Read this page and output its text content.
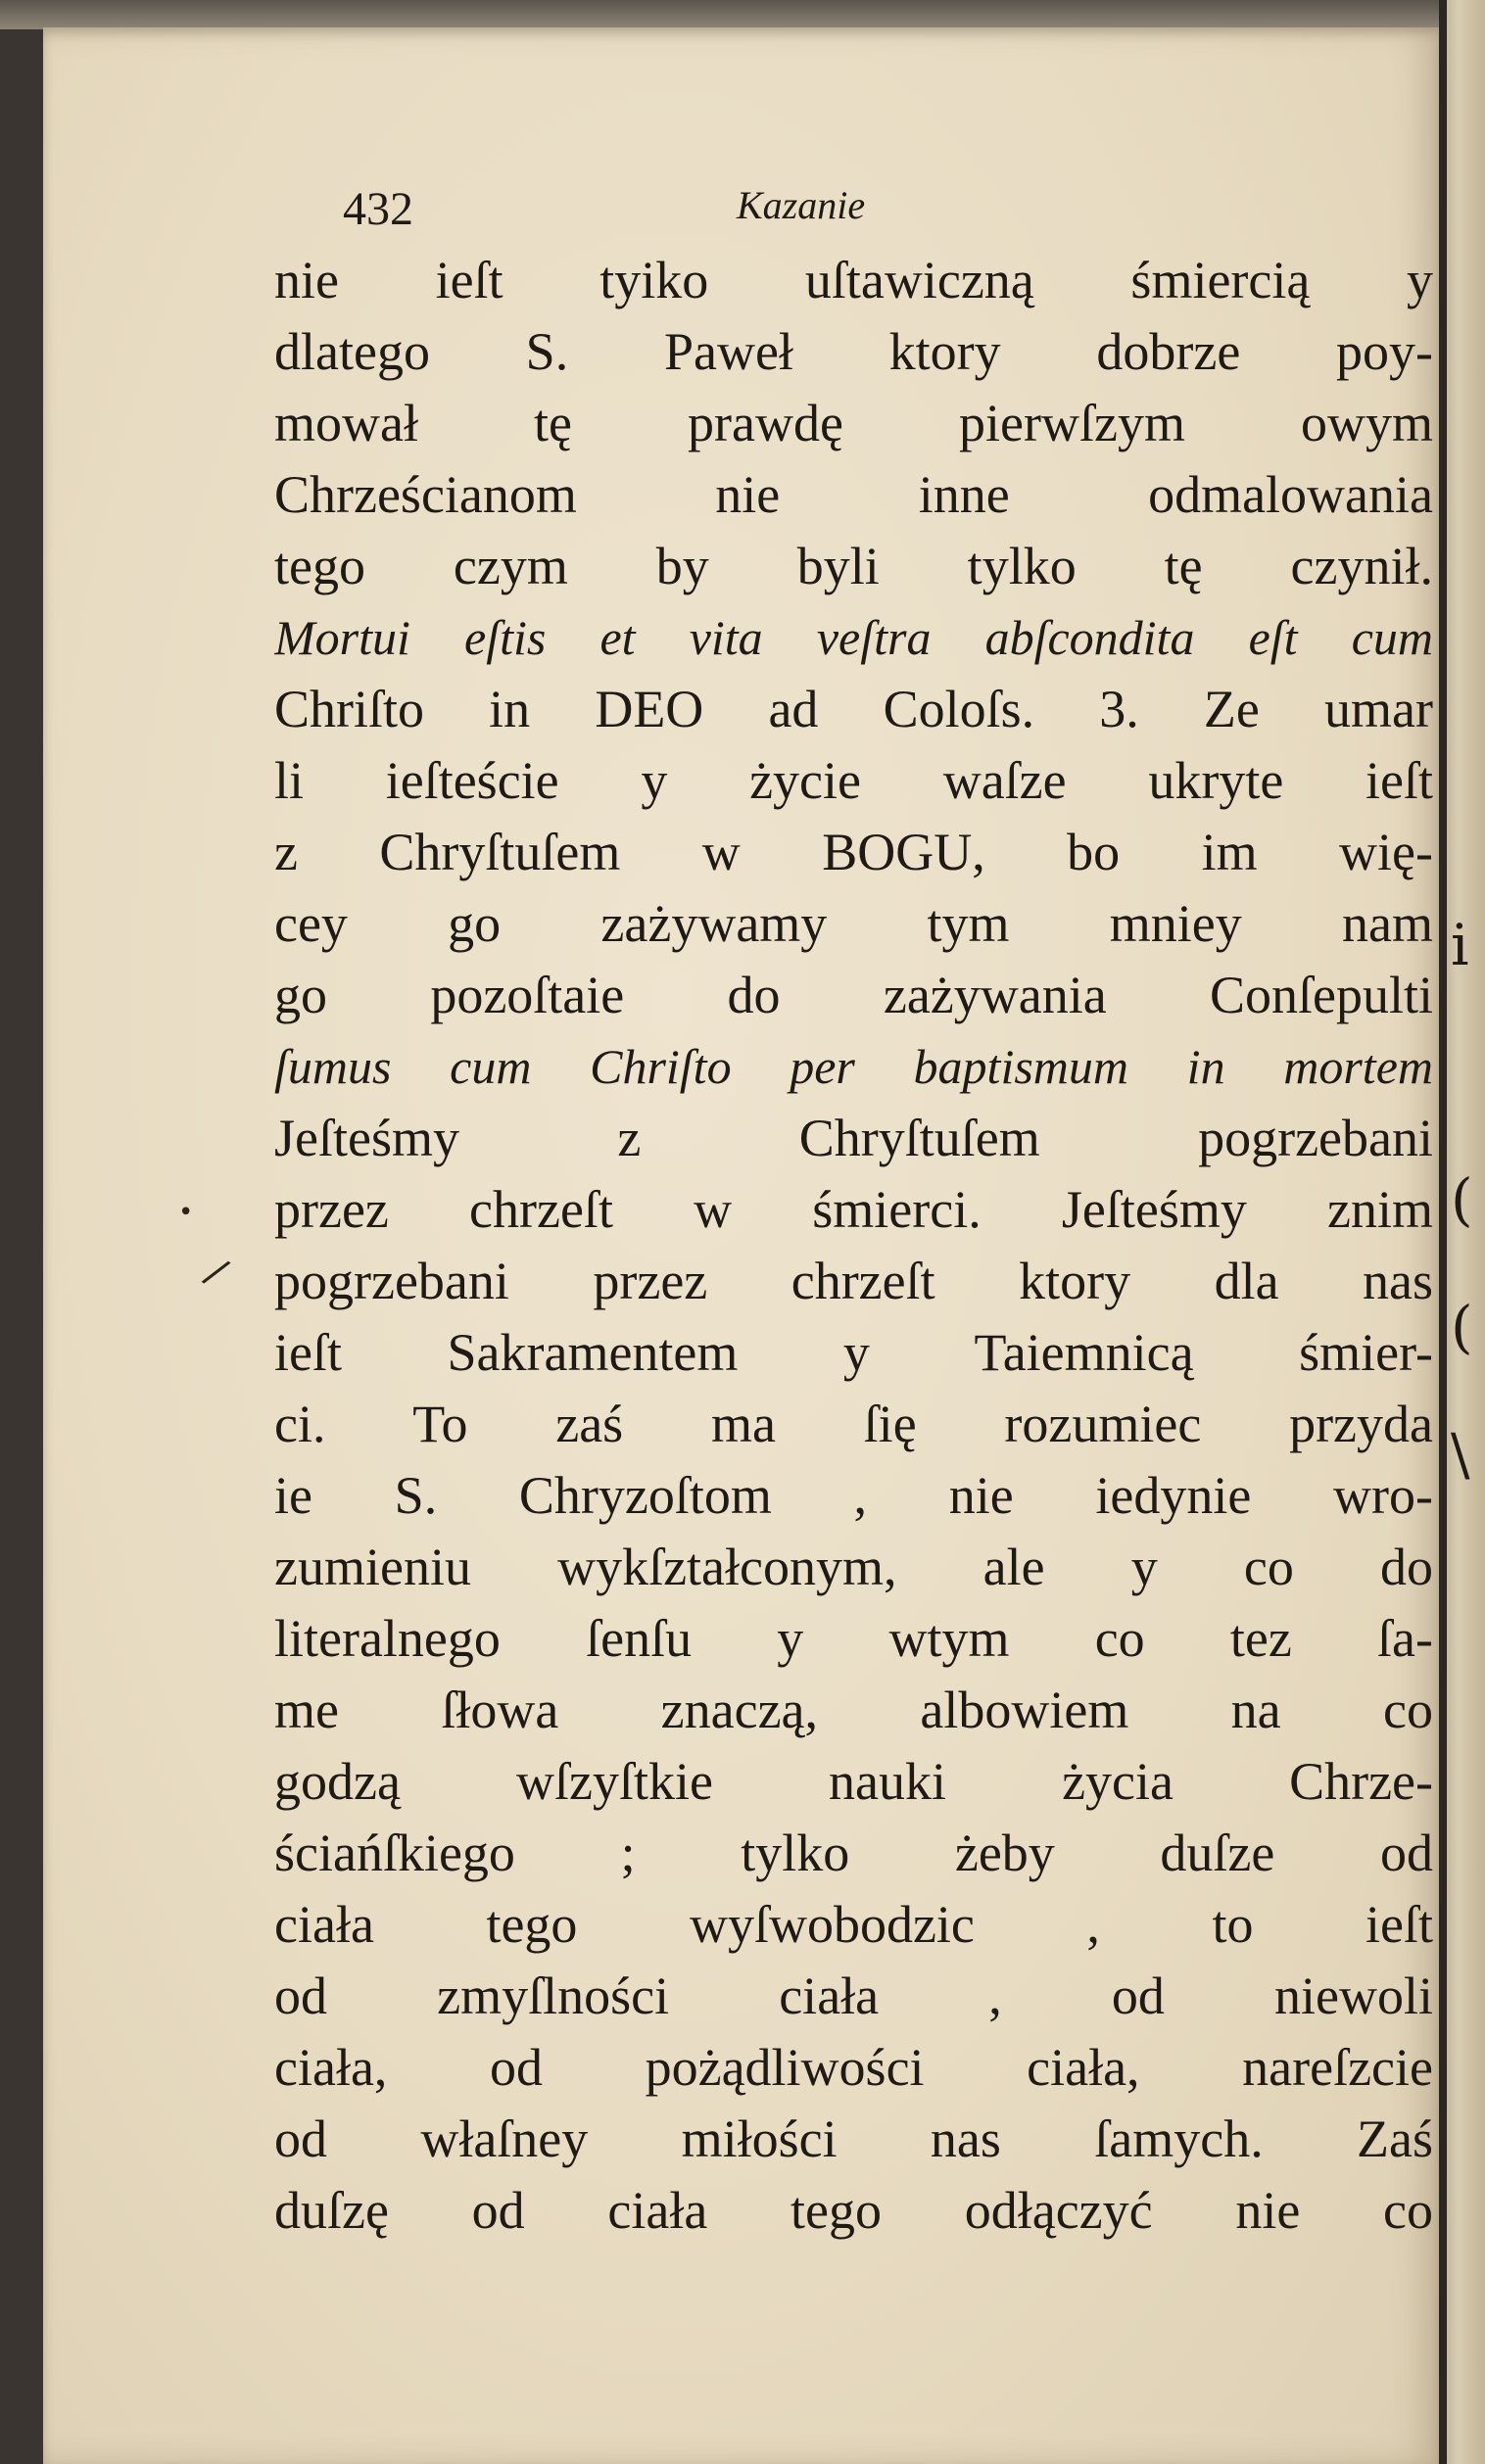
432	Kazanie
nie ieſt tyiko uſtawiczną śmiercią y
dlatego S. Paweł ktory dobrze poy-
mował tę prawdę pierwſzym owym
Chrześcianom nie inne odmalowania
tego czym by byli tylko tę czynił.
Mortui eſtis et vita veſtra abſcondita eſt cum
Chriſto in DEO ad Coloſs. 3. Ze umar
li ieſteście y życie waſze ukryte ieſt
z Chryſtuſem w BOGU, bo im wię-
cey go zażywamy tym mniey nam
go pozoſtaie do zażywania Conſepulti
ſumus cum Chriſto per baptismum in mortem
Jeſteśmy z Chryſtuſem pogrzebani
przez chrzeſt w śmierci. Jeſteśmy znim
pogrzebani przez chrzeſt ktory dla nas
ieſt Sakramentem y Taiemnicą śmier-
ci. To zaś ma ſię rozumiec przyda
ie S. Chryzoſtom , nie iedynie wro-
zumieniu wykſztałconym, ale y co do
literalnego ſenſu y wtym co tez ſa-
me ſłowa znaczą, albowiem na co
godzą wſzyſtkie nauki życia Chrze-
ściańſkiego ; tylko żeby duſze od
ciała tego wyſwobodzic , to ieſt
od zmyſlności ciała , od niewoli
ciała, od pożądliwości ciała, nareſzcie
od właſney miłości nas ſamych. Zaś
duſzę od ciała tego odłączyć nie co
•
/
i

(
(
\
